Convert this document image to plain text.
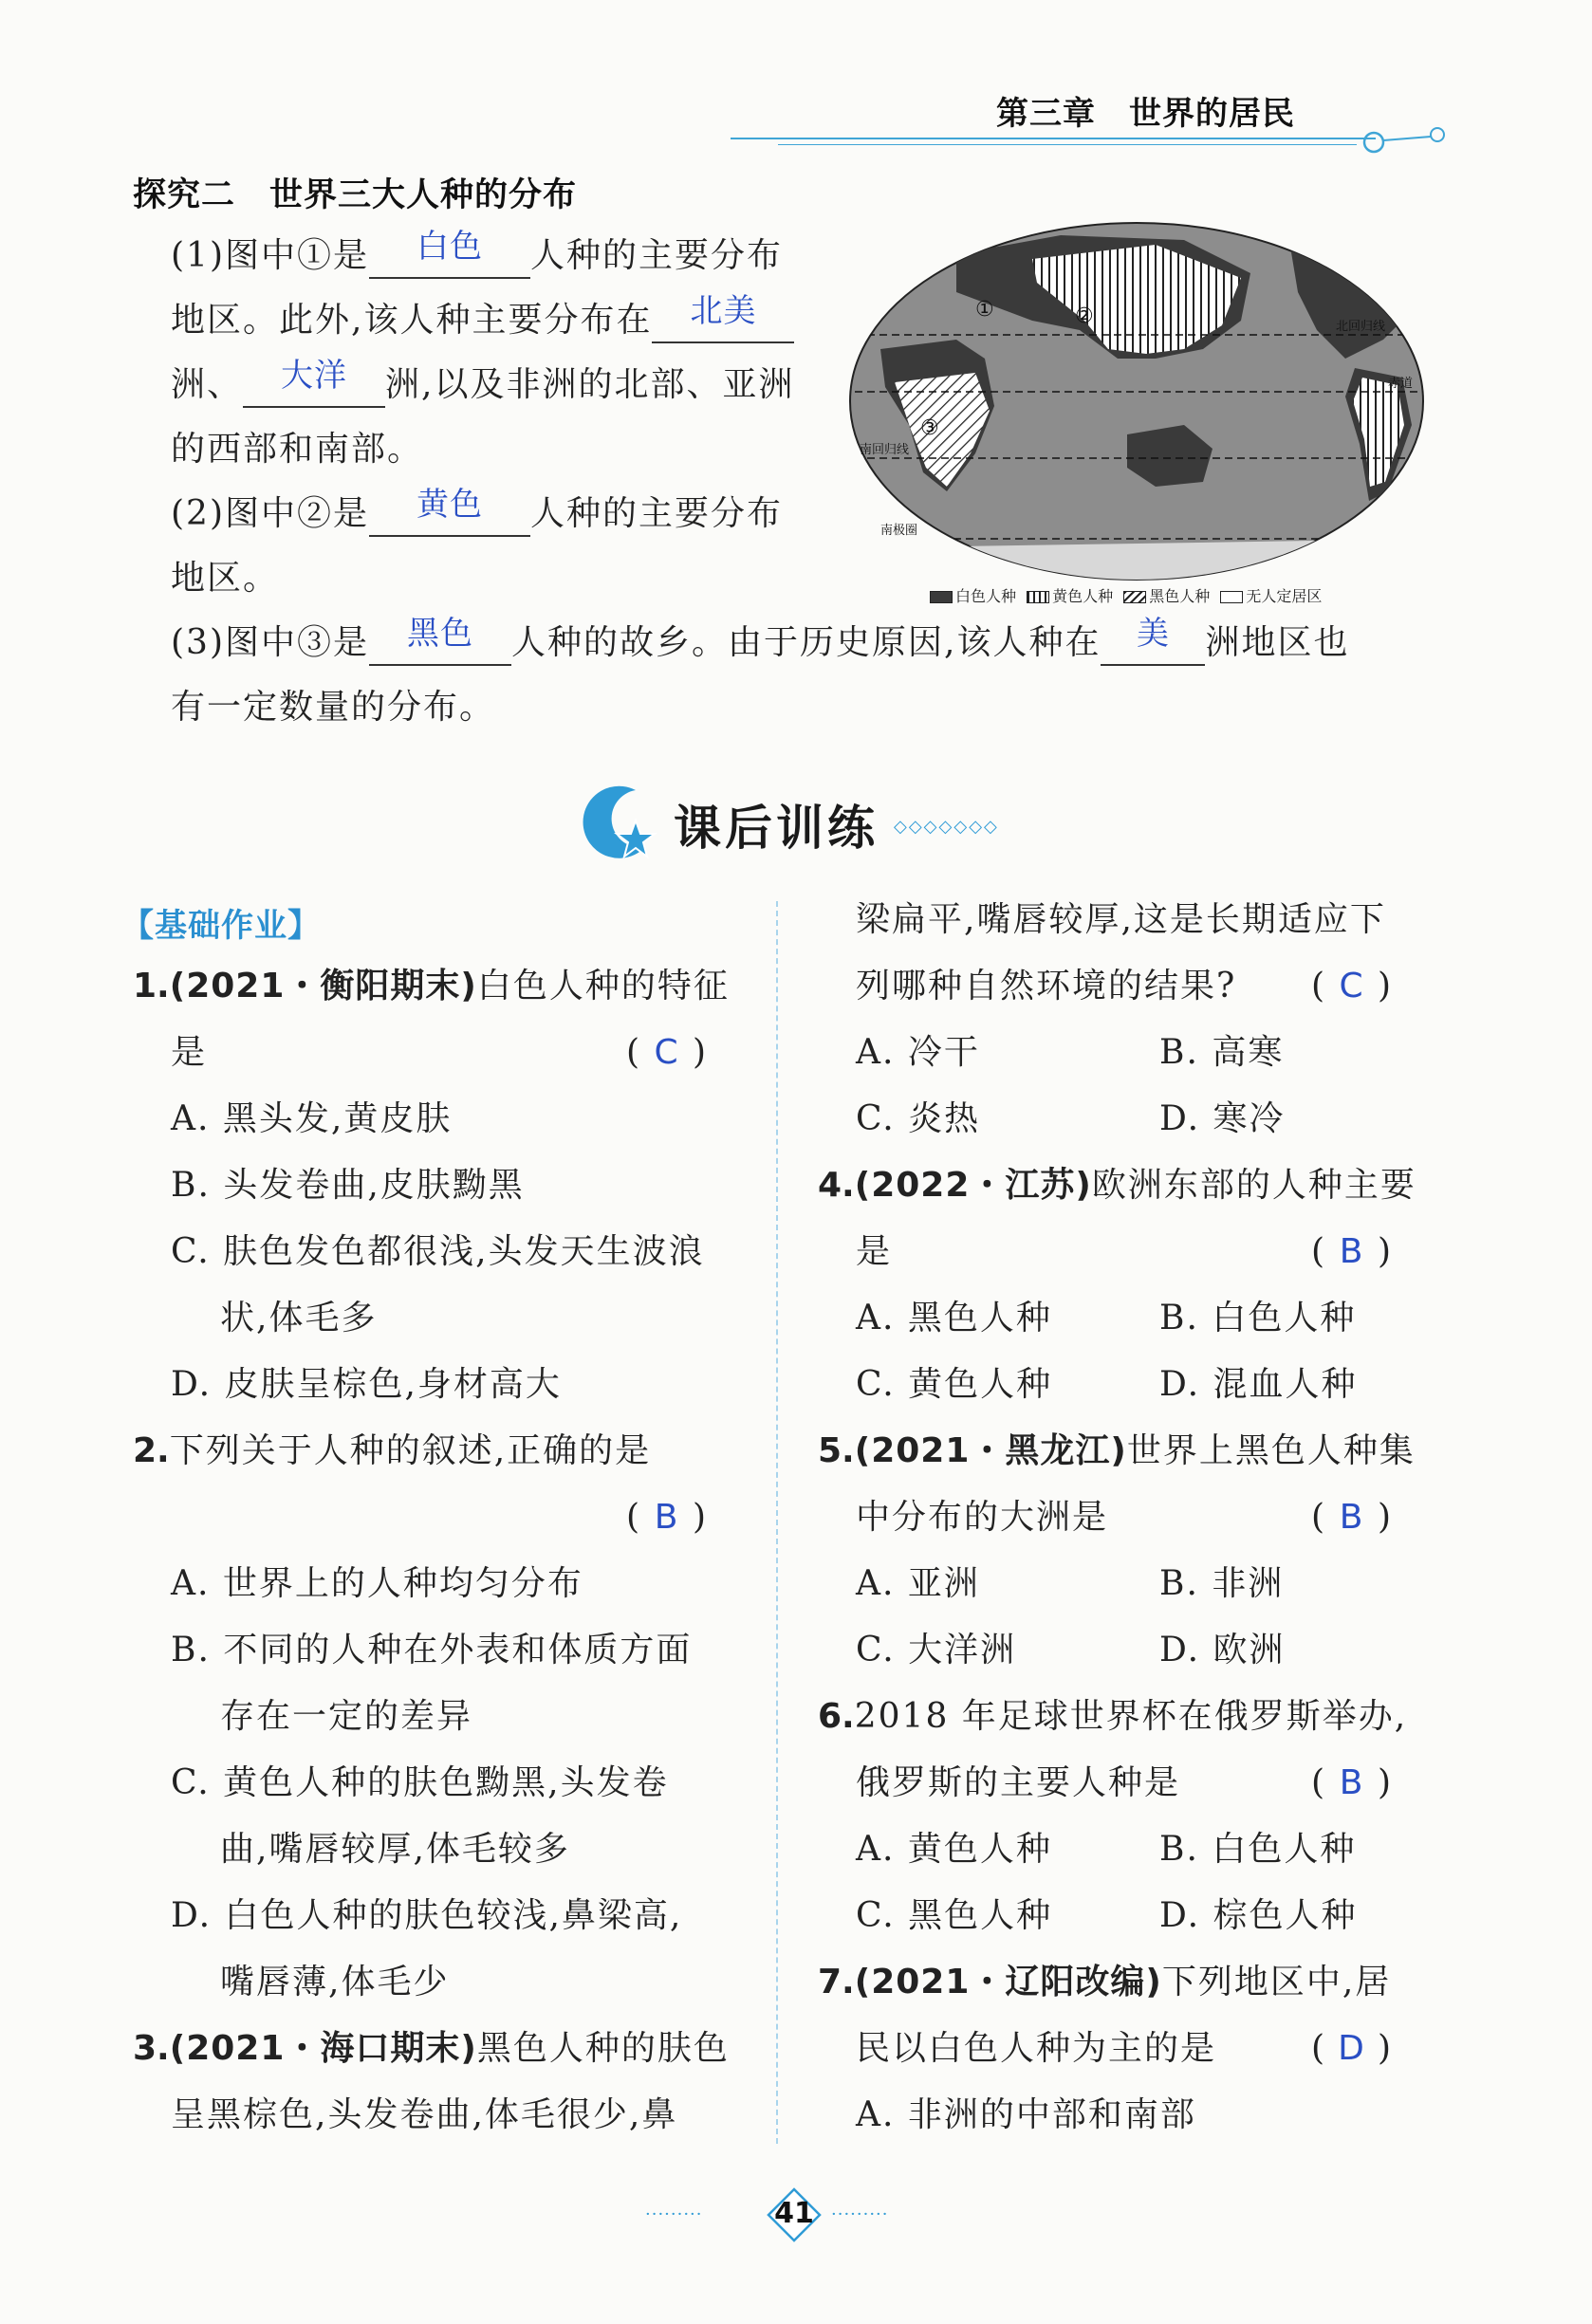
第三章　世界的居民
探究二　世界三大人种的分布
(1)图中①是	白色	人种的主要分布
地区。此外,该人种主要分布在	北美
洲、	大洋	洲,以及非洲的北部、亚洲
的西部和南部。
(2)图中②是	黄色	人种的主要分布
地区。
(3)图中③是	黑色	人种的故乡。由于历史原因,该人种在	美	洲地区也
有一定数量的分布。
①	②
③
北回归线
赤道
南回归线
南极圈
白色人种 黄色人种 黑色人种 无人定居区
课后训练 ◇◇◇◇◇◇◇
【基础作业】
1.(2021・衡阳期末)白色人种的特征
是	( C )
A. 黑头发,黄皮肤
B. 头发卷曲,皮肤黝黑
C. 肤色发色都很浅,头发天生波浪
状,体毛多
D. 皮肤呈棕色,身材高大
2.下列关于人种的叙述,正确的是
( B )
A. 世界上的人种均匀分布
B. 不同的人种在外表和体质方面
存在一定的差异
C. 黄色人种的肤色黝黑,头发卷
曲,嘴唇较厚,体毛较多
D. 白色人种的肤色较浅,鼻梁高,
嘴唇薄,体毛少
3.(2021・海口期末)黑色人种的肤色
呈黑棕色,头发卷曲,体毛很少,鼻
梁扁平,嘴唇较厚,这是长期适应下
列哪种自然环境的结果? ( C )
A. 冷干	B. 高寒
C. 炎热	D. 寒冷
4.(2022・江苏)欧洲东部的人种主要
是	( B )
A. 黑色人种	B. 白色人种
C. 黄色人种	D. 混血人种
5.(2021・黑龙江)世界上黑色人种集
中分布的大洲是	( B )
A. 亚洲	B. 非洲
C. 大洋洲	D. 欧洲
6.2018 年足球世界杯在俄罗斯举办,
俄罗斯的主要人种是	( B )
A. 黄色人种	B. 白色人种
C. 黑色人种	D. 棕色人种
7.(2021・辽阳改编)下列地区中,居
民以白色人种为主的是	( D )
A. 非洲的中部和南部
·········	41	·········
